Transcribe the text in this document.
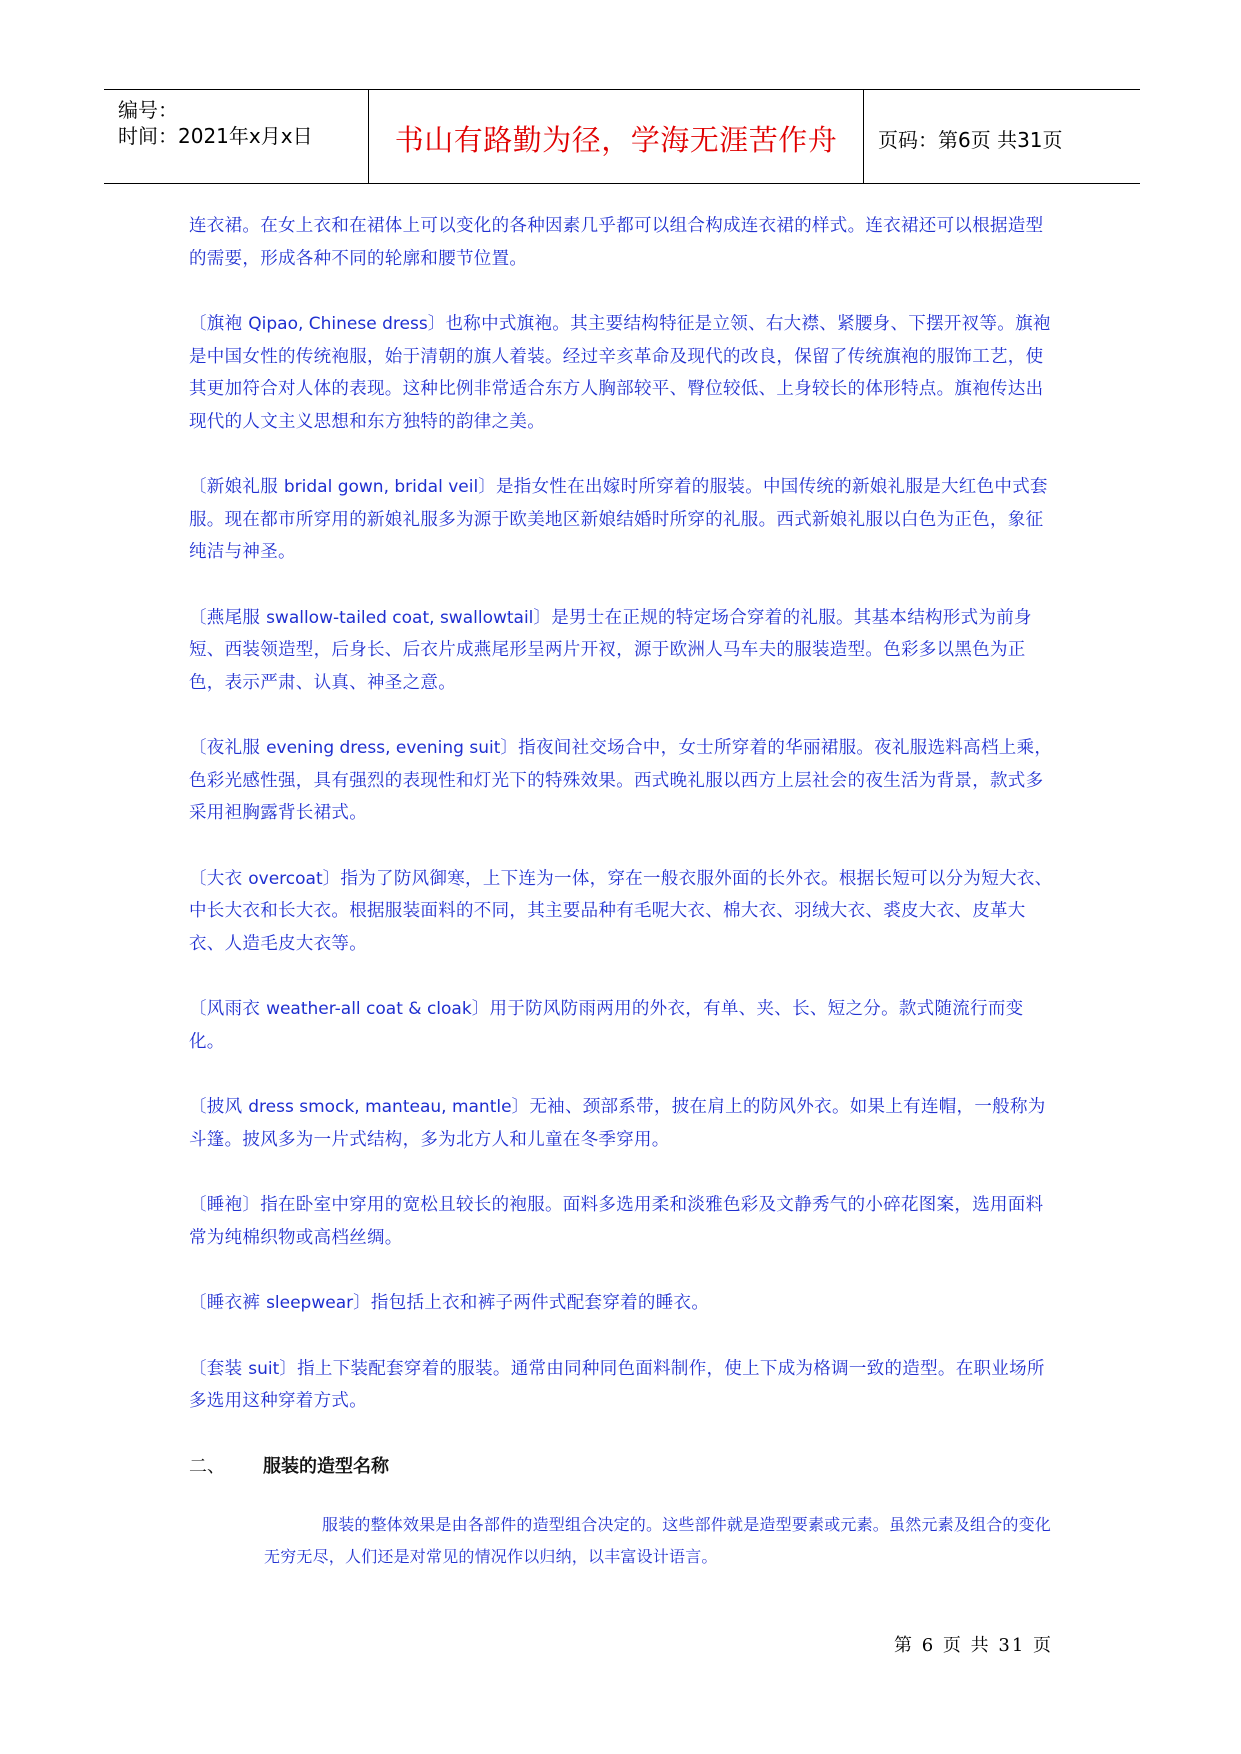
编号：
时间：2021年x月x日	书山有路勤为径，学海无涯苦作舟	页码：第6页 共31页

连衣裙。在女上衣和在裙体上可以变化的各种因素几乎都可以组合构成连衣裙的样式。连衣裙还可以根据造型的需要，形成各种不同的轮廓和腰节位置。

〔旗袍 Qipao, Chinese dress〕也称中式旗袍。其主要结构特征是立领、右大襟、紧腰身、下摆开衩等。旗袍是中国女性的传统袍服，始于清朝的旗人着装。经过辛亥革命及现代的改良，保留了传统旗袍的服饰工艺，使其更加符合对人体的表现。这种比例非常适合东方人胸部较平、臀位较低、上身较长的体形特点。旗袍传达出现代的人文主义思想和东方独特的韵律之美。

〔新娘礼服 bridal gown, bridal veil〕是指女性在出嫁时所穿着的服装。中国传统的新娘礼服是大红色中式套服。现在都市所穿用的新娘礼服多为源于欧美地区新娘结婚时所穿的礼服。西式新娘礼服以白色为正色，象征纯洁与神圣。

〔燕尾服 swallow-tailed coat, swallowtail〕是男士在正规的特定场合穿着的礼服。其基本结构形式为前身短、西装领造型，后身长、后衣片成燕尾形呈两片开衩，源于欧洲人马车夫的服装造型。色彩多以黑色为正色，表示严肃、认真、神圣之意。

〔夜礼服 evening dress, evening suit〕指夜间社交场合中，女士所穿着的华丽裙服。夜礼服选料高档上乘，色彩光感性强，具有强烈的表现性和灯光下的特殊效果。西式晚礼服以西方上层社会的夜生活为背景，款式多采用袒胸露背长裙式。

〔大衣 overcoat〕指为了防风御寒，上下连为一体，穿在一般衣服外面的长外衣。根据长短可以分为短大衣、中长大衣和长大衣。根据服装面料的不同，其主要品种有毛呢大衣、棉大衣、羽绒大衣、裘皮大衣、皮革大衣、人造毛皮大衣等。

〔风雨衣 weather-all coat & cloak〕用于防风防雨两用的外衣，有单、夹、长、短之分。款式随流行而变化。

〔披风 dress smock, manteau, mantle〕无袖、颈部系带，披在肩上的防风外衣。如果上有连帽，一般称为斗篷。披风多为一片式结构，多为北方人和儿童在冬季穿用。

〔睡袍〕指在卧室中穿用的宽松且较长的袍服。面料多选用柔和淡雅色彩及文静秀气的小碎花图案，选用面料常为纯棉织物或高档丝绸。

〔睡衣裤 sleepwear〕指包括上衣和裤子两件式配套穿着的睡衣。

〔套装 suit〕指上下装配套穿着的服装。通常由同种同色面料制作，使上下成为格调一致的造型。在职业场所多选用这种穿着方式。

二、 服装的造型名称

服装的整体效果是由各部件的造型组合决定的。这些部件就是造型要素或元素。虽然元素及组合的变化无穷无尽，人们还是对常见的情况作以归纳，以丰富设计语言。

第 6 页 共 31 页
